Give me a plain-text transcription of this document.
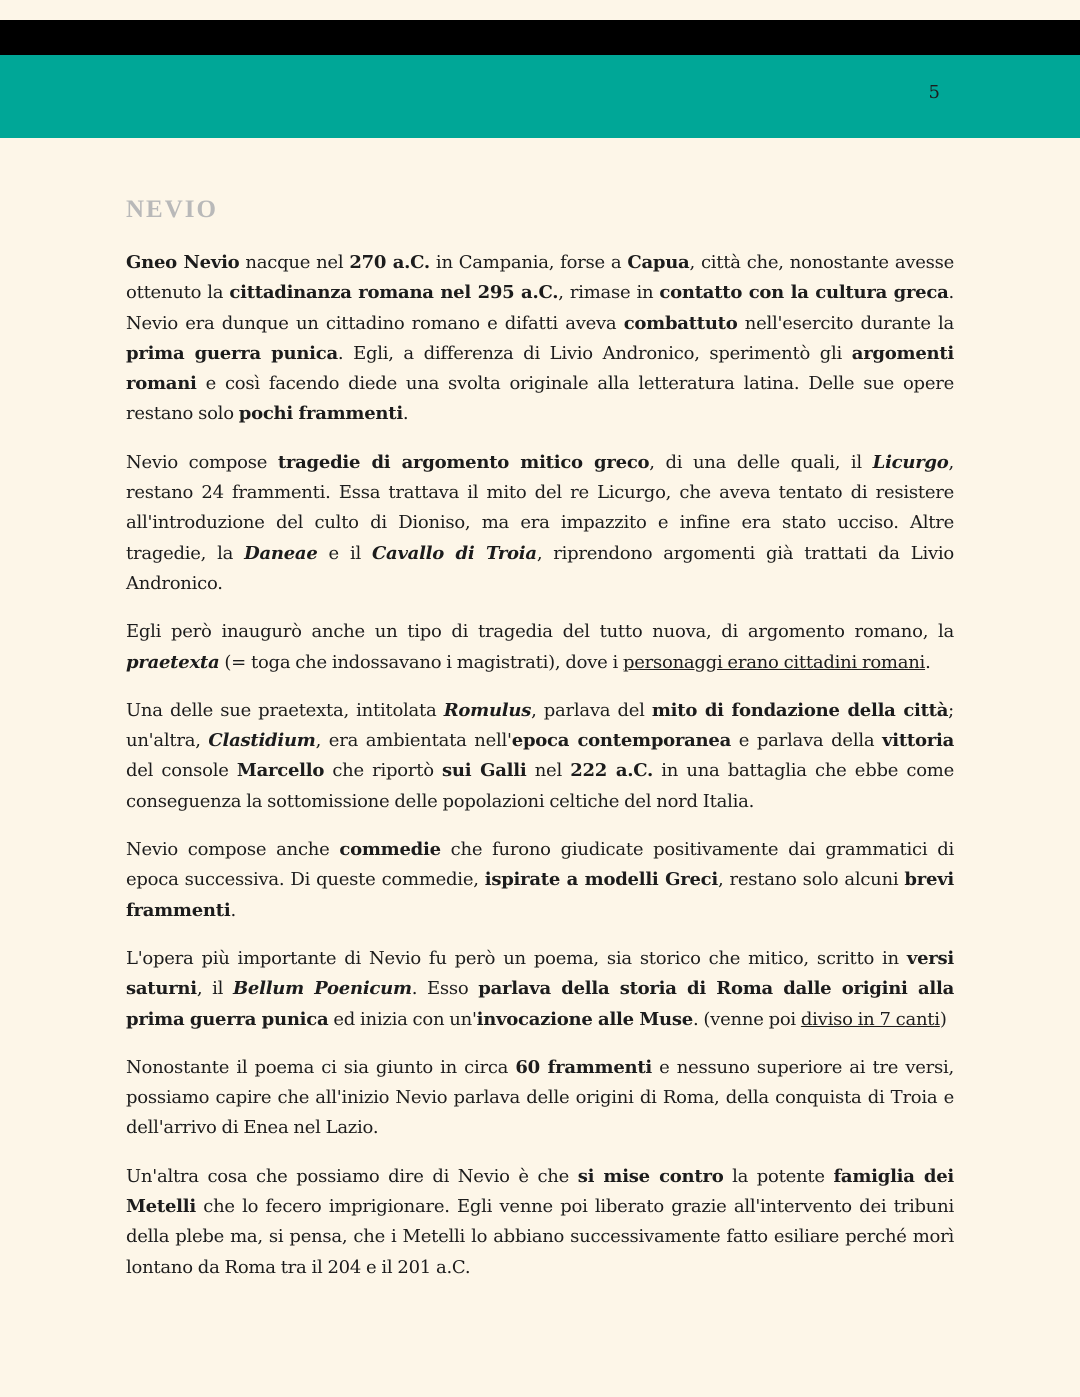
5
NEVIO

Gneo Nevio nacque nel 270 a.C. in Campania, forse a Capua, città che, nonostante avesse ottenuto la cittadinanza romana nel 295 a.C., rimase in contatto con la cultura greca. Nevio era dunque un cittadino romano e difatti aveva combattuto nell'esercito durante la prima guerra punica. Egli, a differenza di Livio Andronico, sperimentò gli argomenti romani e così facendo diede una svolta originale alla letteratura latina. Delle sue opere restano solo pochi frammenti.

Nevio compose tragedie di argomento mitico greco, di una delle quali, il Licurgo, restano 24 frammenti. Essa trattava il mito del re Licurgo, che aveva tentato di resistere all'introduzione del culto di Dioniso, ma era impazzito e infine era stato ucciso. Altre tragedie, la Daneae e il Cavallo di Troia, riprendono argomenti già trattati da Livio Andronico.

Egli però inaugurò anche un tipo di tragedia del tutto nuova, di argomento romano, la praetexta (= toga che indossavano i magistrati), dove i personaggi erano cittadini romani.

Una delle sue praetexta, intitolata Romulus, parlava del mito di fondazione della città; un'altra, Clastidium, era ambientata nell'epoca contemporanea e parlava della vittoria del console Marcello che riportò sui Galli nel 222 a.C. in una battaglia che ebbe come conseguenza la sottomissione delle popolazioni celtiche del nord Italia.

Nevio compose anche commedie che furono giudicate positivamente dai grammatici di epoca successiva. Di queste commedie, ispirate a modelli Greci, restano solo alcuni brevi frammenti.

L'opera più importante di Nevio fu però un poema, sia storico che mitico, scritto in versi saturni, il Bellum Poenicum. Esso parlava della storia di Roma dalle origini alla prima guerra punica ed inizia con un'invocazione alle Muse. (venne poi diviso in 7 canti)

Nonostante il poema ci sia giunto in circa 60 frammenti e nessuno superiore ai tre versi, possiamo capire che all'inizio Nevio parlava delle origini di Roma, della conquista di Troia e dell'arrivo di Enea nel Lazio.

Un'altra cosa che possiamo dire di Nevio è che si mise contro la potente famiglia dei Metelli che lo fecero imprigionare. Egli venne poi liberato grazie all'intervento dei tribuni della plebe ma, si pensa, che i Metelli lo abbiano successivamente fatto esiliare perché morì lontano da Roma tra il 204 e il 201 a.C.
